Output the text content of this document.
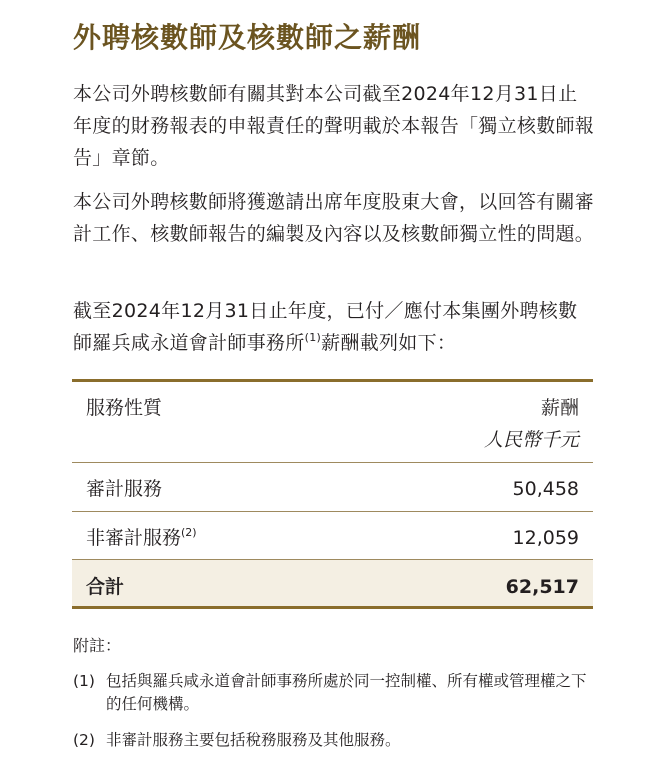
外聘核數師及核數師之薪酬
本公司外聘核數師有關其對本公司截至2024年12月31日止年度的財務報表的申報責任的聲明載於本報告「獨立核數師報告」章節。
本公司外聘核數師將獲邀請出席年度股東大會，以回答有關審計工作、核數師報告的編製及內容以及核數師獨立性的問題。
截至2024年12月31日止年度，已付／應付本集團外聘核數師羅兵咸永道會計師事務所$^{(1)}$薪酬載列如下：
服務性質	薪酬
人民幣千元
審計服務	50,458
非審計服務$^{(2)}$	12,059
合計	62,517
附註：
(1) 包括與羅兵咸永道會計師事務所處於同一控制權、所有權或管理權之下的任何機構。
(2) 非審計服務主要包括稅務服務及其他服務。
